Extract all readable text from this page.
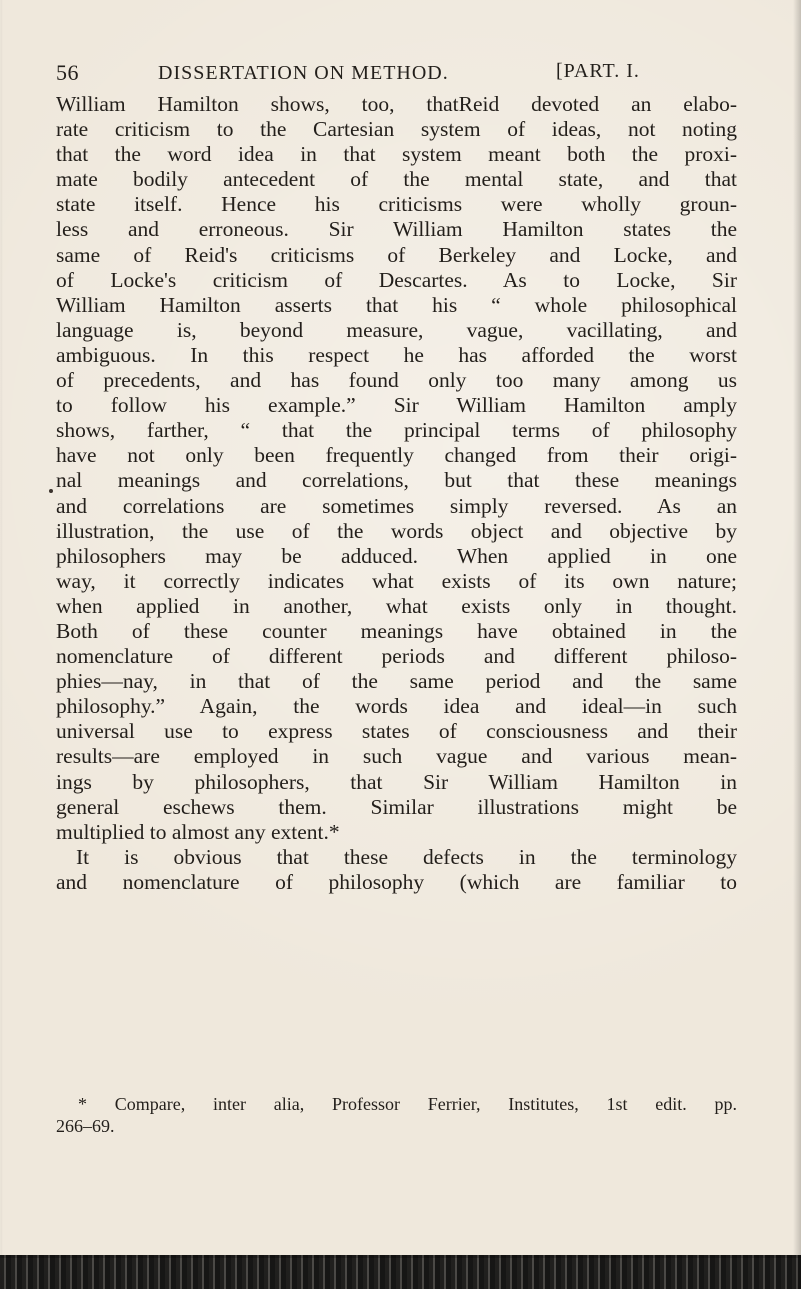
56	DISSERTATION ON METHOD.	[PART. I.
William Hamilton shows, too, thatReid devoted an elabo-
rate criticism to the Cartesian system of ideas, not noting
that the word idea in that system meant both the proxi-
mate bodily antecedent of the mental state, and that
state itself. Hence his criticisms were wholly groun-
less and erroneous. Sir William Hamilton states the
same of Reid's criticisms of Berkeley and Locke, and
of Locke's criticism of Descartes. As to Locke, Sir
William Hamilton asserts that his “ whole philosophical
language is, beyond measure, vague, vacillating, and
ambiguous. In this respect he has afforded the worst
of precedents, and has found only too many among us
to follow his example.” Sir William Hamilton amply
shows, farther, “ that the principal terms of philosophy
have not only been frequently changed from their origi-
nal meanings and correlations, but that these meanings
and correlations are sometimes simply reversed. As an
illustration, the use of the words object and objective by
philosophers may be adduced. When applied in one
way, it correctly indicates what exists of its own nature;
when applied in another, what exists only in thought.
Both of these counter meanings have obtained in the
nomenclature of different periods and different philoso-
phies—nay, in that of the same period and the same
philosophy.” Again, the words idea and ideal—in such
universal use to express states of consciousness and their
results—are employed in such vague and various mean-
ings by philosophers, that Sir William Hamilton in
general eschews them. Similar illustrations might be
multiplied to almost any extent.*
It is obvious that these defects in the terminology
and nomenclature of philosophy (which are familiar to
* Compare, inter alia, Professor Ferrier, Institutes, 1st edit. pp.
266–69.
